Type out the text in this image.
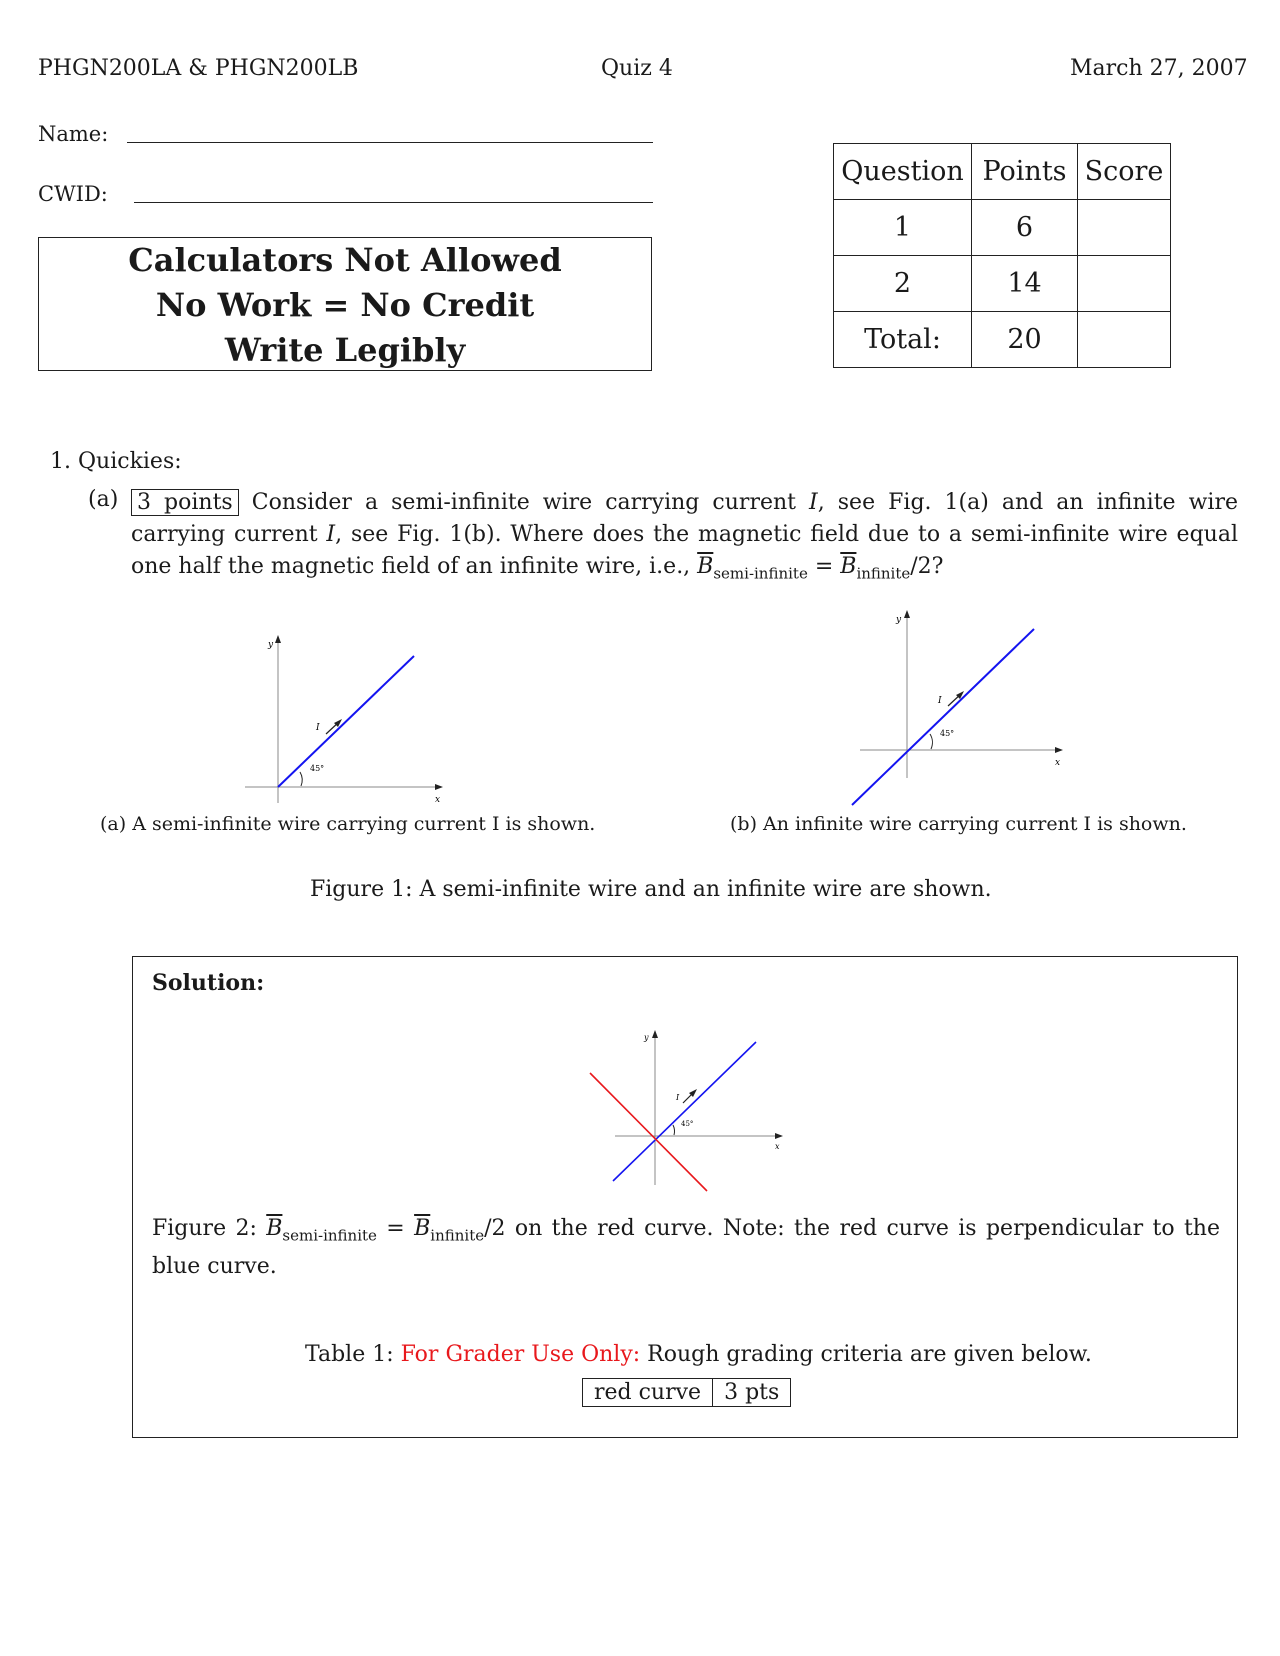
PHGN200LA & PHGN200LB	Quiz 4	March 27, 2007
Name:
CWID:
Calculators Not Allowed
No Work = No Credit
Write Legibly
Question	Points	Score
1	6	
2	14	
Total:	20	
1. Quickies:
(a) 3 points Consider a semi-infinite wire carrying current I, see Fig. 1(a) and an infinite wire carrying current I, see Fig. 1(b). Where does the magnetic field due to a semi-infinite wire equal one half the magnetic field of an infinite wire, i.e., $\overline{B}_{semi-infinite} = \overline{B}_{infinite}/2$?
y
x
45°
I
(a) A semi-infinite wire carrying current I is shown.
y
x
45°
I
(b) An infinite wire carrying current I is shown.
Figure 1: A semi-infinite wire and an infinite wire are shown.
Solution:
y
x
45°
I
Figure 2: $\overline{B}_{semi-infinite} = \overline{B}_{infinite}/2$ on the red curve. Note: the red curve is perpendicular to the blue curve.
Table 1: For Grader Use Only: Rough grading criteria are given below.
red curve	3 pts
